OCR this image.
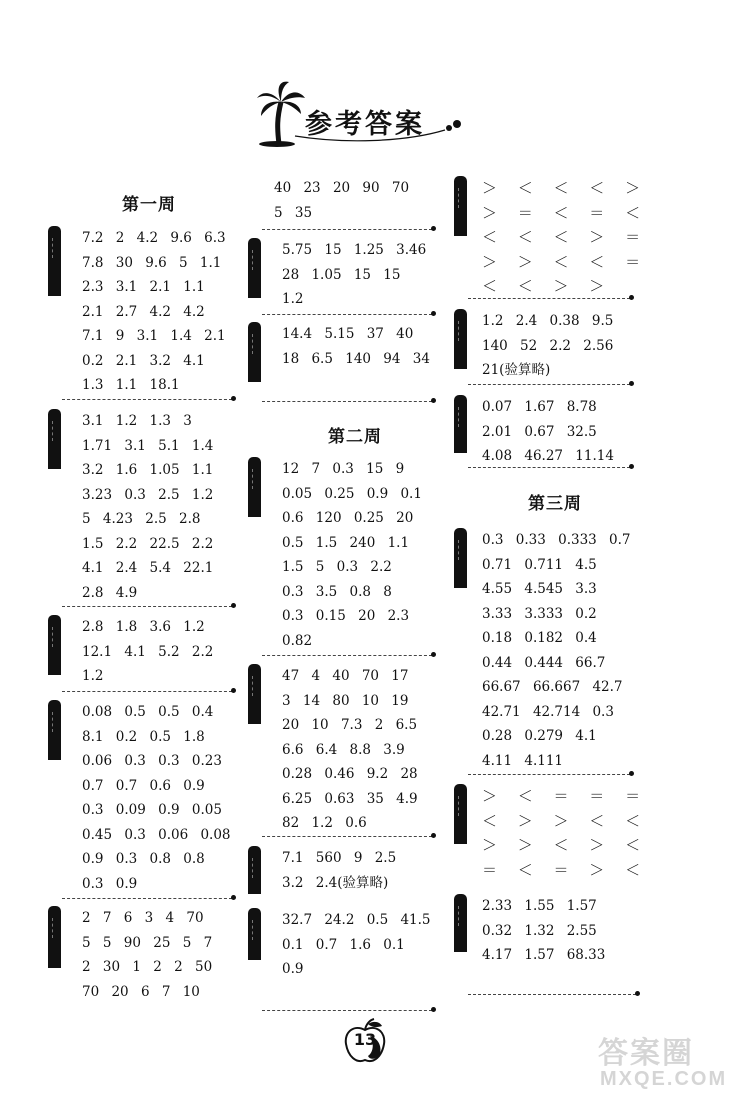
参考答案
第一周
7.2 2 4.2 9.6 6.3
7.8 30 9.6 5 1.1
2.3 3.1 2.1 1.1
2.1 2.7 4.2 4.2
7.1 9 3.1 1.4 2.1
0.2 2.1 3.2 4.1
1.3 1.1 18.1
3.1 1.2 1.3 3
1.71 3.1 5.1 1.4
3.2 1.6 1.05 1.1
3.23 0.3 2.5 1.2
5 4.23 2.5 2.8
1.5 2.2 22.5 2.2
4.1 2.4 5.4 22.1
2.8 4.9
2.8 1.8 3.6 1.2
12.1 4.1 5.2 2.2
1.2
0.08 0.5 0.5 0.4
8.1 0.2 0.5 1.8
0.06 0.3 0.3 0.23
0.7 0.7 0.6 0.9
0.3 0.09 0.9 0.05
0.45 0.3 0.06 0.08
0.9 0.3 0.8 0.8
0.3 0.9
2 7 6 3 4 70
5 5 90 25 5 7
2 30 1 2 2 50
70 20 6 7 10
40 23 20 90 70
5 35
5.75 15 1.25 3.46
28 1.05 15 15
1.2
14.4 5.15 37 40
18 6.5 140 94 34
第二周
12 7 0.3 15 9
0.05 0.25 0.9 0.1
0.6 120 0.25 20
0.5 1.5 240 1.1
1.5 5 0.3 2.2
0.3 3.5 0.8 8
0.3 0.15 20 2.3
0.82
47 4 40 70 17
3 14 80 10 19
20 10 7.3 2 6.5
6.6 6.4 8.8 3.9
0.28 0.46 9.2 28
6.25 0.63 35 4.9
82 1.2 0.6
7.1 560 9 2.5
3.2 2.4(验算略)
32.7 24.2 0.5 41.5
0.1 0.7 1.6 0.1
0.9
＞ ＜ ＜ ＜ ＞
＞ ＝ ＜ ＝ ＜
＜ ＜ ＜ ＞ ＝
＞ ＞ ＜ ＜ ＝
＜ ＜ ＞ ＞
1.2 2.4 0.38 9.5
140 52 2.2 2.56
21(验算略)
0.07 1.67 8.78
2.01 0.67 32.5
4.08 46.27 11.14
第三周
0.3 0.33 0.333 0.7
0.71 0.711 4.5
4.55 4.545 3.3
3.33 3.333 0.2
0.18 0.182 0.4
0.44 0.444 66.7
66.67 66.667 42.7
42.71 42.714 0.3
0.28 0.279 4.1
4.11 4.111
＞ ＜ ＝ ＝ ＝
＜ ＞ ＞ ＜ ＜
＞ ＞ ＜ ＞ ＜
＝ ＜ ＝ ＞ ＜
2.33 1.55 1.57
0.32 1.32 2.55
4.17 1.57 68.33
13	答案圈
MXQE.COM
